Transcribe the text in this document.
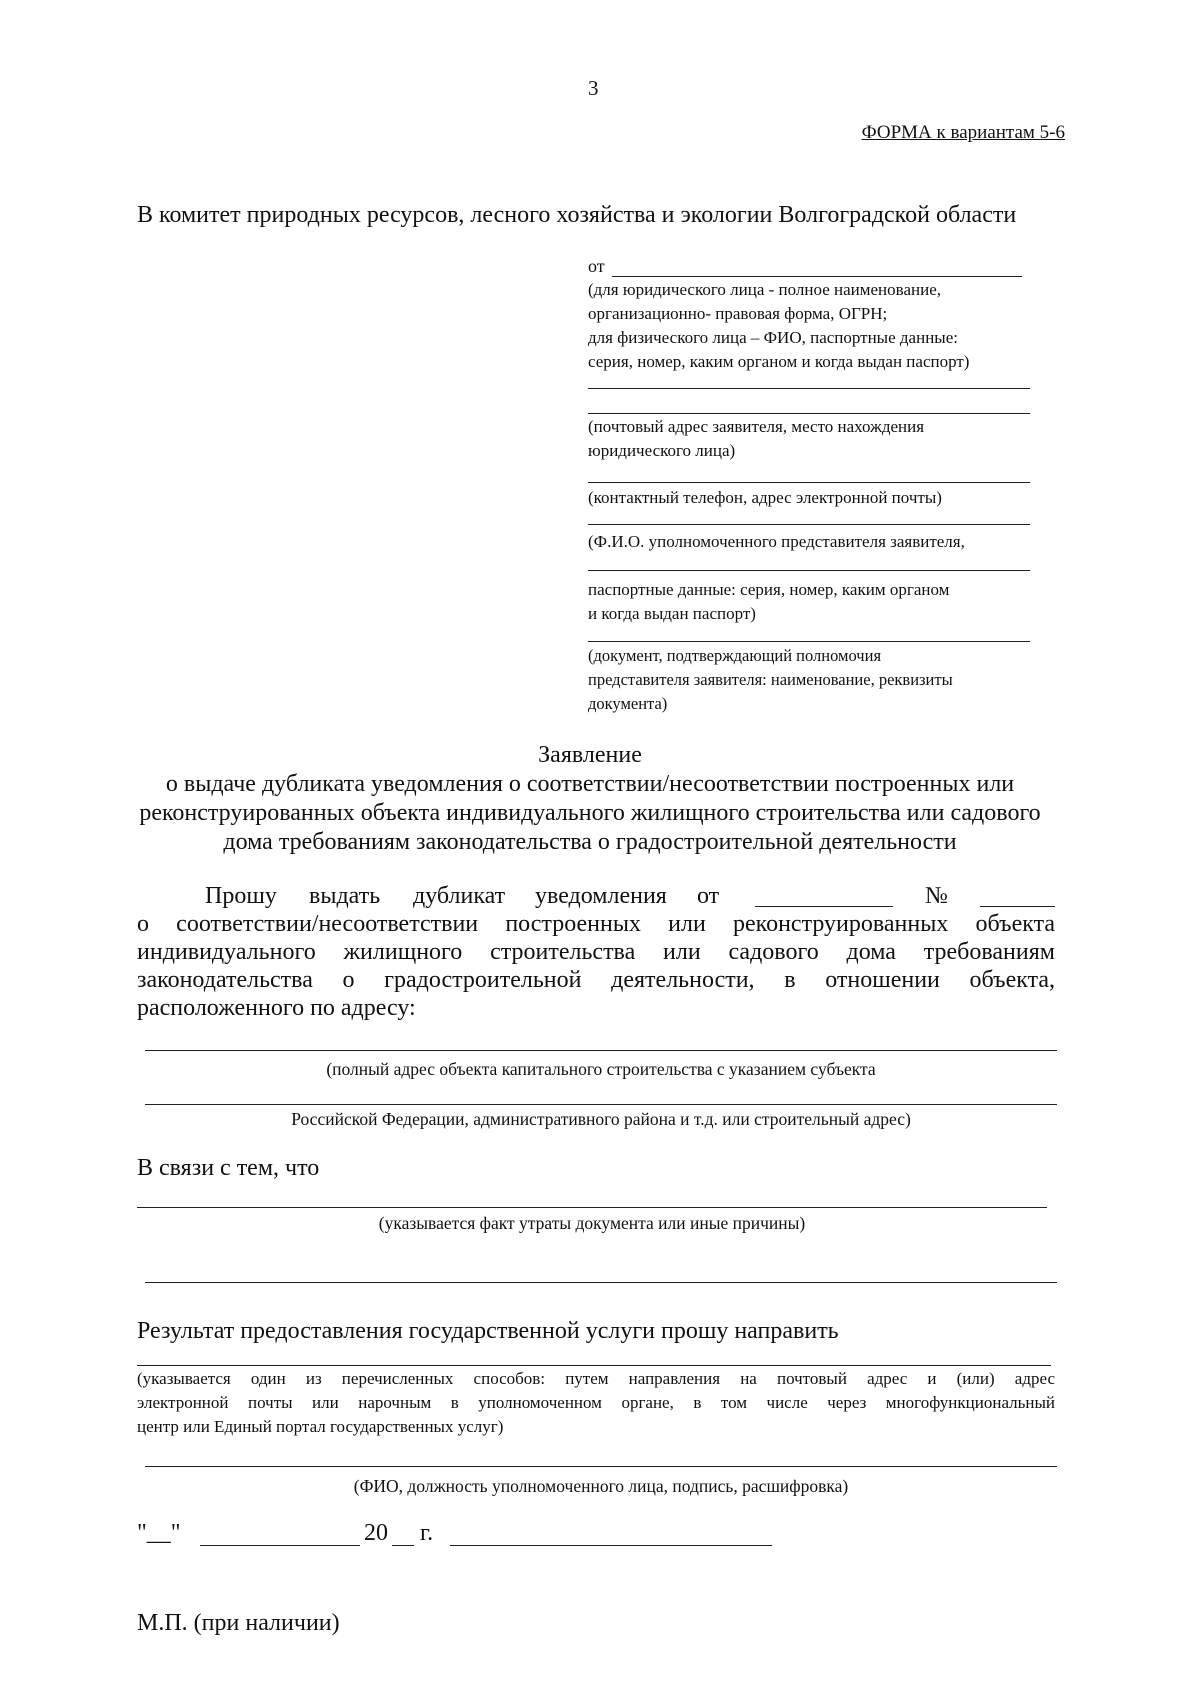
3
ФОРМА к вариантам 5-6
В комитет природных ресурсов, лесного хозяйства и экологии Волгоградской области
от
(для юридического лица - полное наименование,
организационно- правовая форма, ОГРН;
для физического лица – ФИО, паспортные данные:
серия, номер, каким органом и когда выдан паспорт)
(почтовый адрес заявителя, место нахождения
юридического лица)
(контактный телефон, адрес электронной почты)
(Ф.И.О. уполномоченного представителя заявителя,
паспортные данные: серия, номер, каким органом
и когда выдан паспорт)
(документ, подтверждающий полномочия
представителя заявителя: наименование, реквизиты
документа)
Заявление
о выдаче дубликата уведомления о соответствии/несоответствии построенных или
реконструированных объекта индивидуального жилищного строительства или садового
дома требованиям законодательства о градостроительной деятельности
Прошу выдать дубликат уведомления от	№
о соответствии/несоответствии построенных или реконструированных объекта
индивидуального жилищного строительства или садового дома требованиям
законодательства о градостроительной деятельности, в отношении объекта,
расположенного по адресу:
(полный адрес объекта капитального строительства с указанием субъекта
Российской Федерации, административного района и т.д. или строительный адрес)
В связи с тем, что
(указывается факт утраты документа или иные причины)
Результат предоставления государственной услуги прошу направить
(указывается один из перечисленных способов: путем направления на почтовый адрес и (или) адрес
электронной почты или нарочным в уполномоченном органе, в том числе через многофункциональный
центр или Единый портал государственных услуг)
(ФИО, должность уполномоченного лица, подпись, расшифровка)
"__"	20 г.
М.П. (при наличии)
